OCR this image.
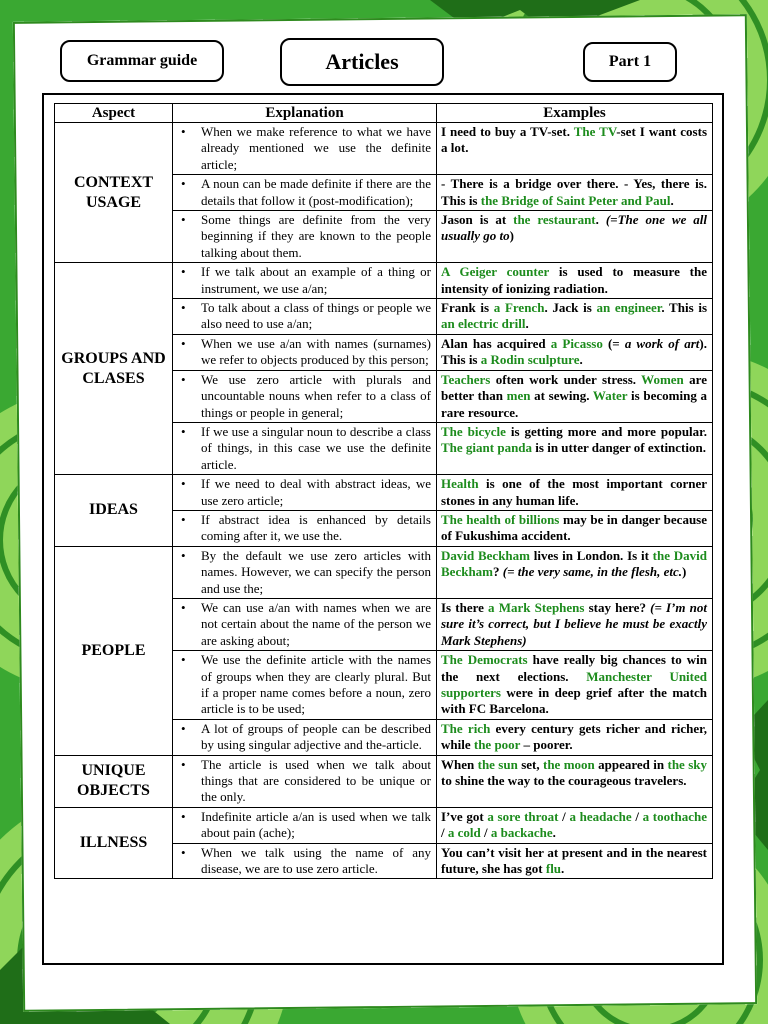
Grammar guide	Articles	Part 1
Aspect	Explanation	Examples
CONTEXT USAGE	• When we make reference to what we have already mentioned we use the definite article;	I need to buy a TV-set. The TV-set I want costs a lot.
	• A noun can be made definite if there are the details that follow it (post-modification);	- There is a bridge over there. - Yes, there is. This is the Bridge of Saint Peter and Paul.
	• Some things are definite from the very beginning if they are known to the people talking about them.	Jason is at the restaurant. (=The one we all usually go to)
GROUPS AND CLASES	• If we talk about an example of a thing or instrument, we use a/an;	A Geiger counter is used to measure the intensity of ionizing radiation.
	• To talk about a class of things or people we also need to use a/an;	Frank is a French. Jack is an engineer. This is an electric drill.
	• When we use a/an with names (surnames) we refer to objects produced by this person;	Alan has acquired a Picasso (= a work of art). This is a Rodin sculpture.
	• We use zero article with plurals and uncountable nouns when refer to a class of things or people in general;	Teachers often work under stress. Women are better than men at sewing. Water is becoming a rare resource.
	• If we use a singular noun to describe a class of things, in this case we use the definite article.	The bicycle is getting more and more popular. The giant panda is in utter danger of extinction.
IDEAS	• If we need to deal with abstract ideas, we use zero article;	Health is one of the most important corner stones in any human life.
	• If abstract idea is enhanced by details coming after it, we use the.	The health of billions may be in danger because of Fukushima accident.
PEOPLE	• By the default we use zero articles with names. However, we can specify the person and use the;	David Beckham lives in London. Is it the David Beckham? (= the very same, in the flesh, etc.)
	• We can use a/an with names when we are not certain about the name of the person we are asking about;	Is there a Mark Stephens stay here? (= I’m not sure it’s correct, but I believe he must be exactly Mark Stephens)
	• We use the definite article with the names of groups when they are clearly plural. But if a proper name comes before a noun, zero article is to be used;	The Democrats have really big chances to win the next elections. Manchester United supporters were in deep grief after the match with FC Barcelona.
	• A lot of groups of people can be described by using singular adjective and the-article.	The rich every century gets richer and richer, while the poor – poorer.
UNIQUE OBJECTS	• The article is used when we talk about things that are considered to be unique or the only.	When the sun set, the moon appeared in the sky to shine the way to the courageous travelers.
ILLNESS	• Indefinite article a/an is used when we talk about pain (ache);	I’ve got a sore throat / a headache / a toothache / a cold / a backache.
	• When we talk using the name of any disease, we are to use zero article.	You can’t visit her at present and in the nearest future, she has got flu.
